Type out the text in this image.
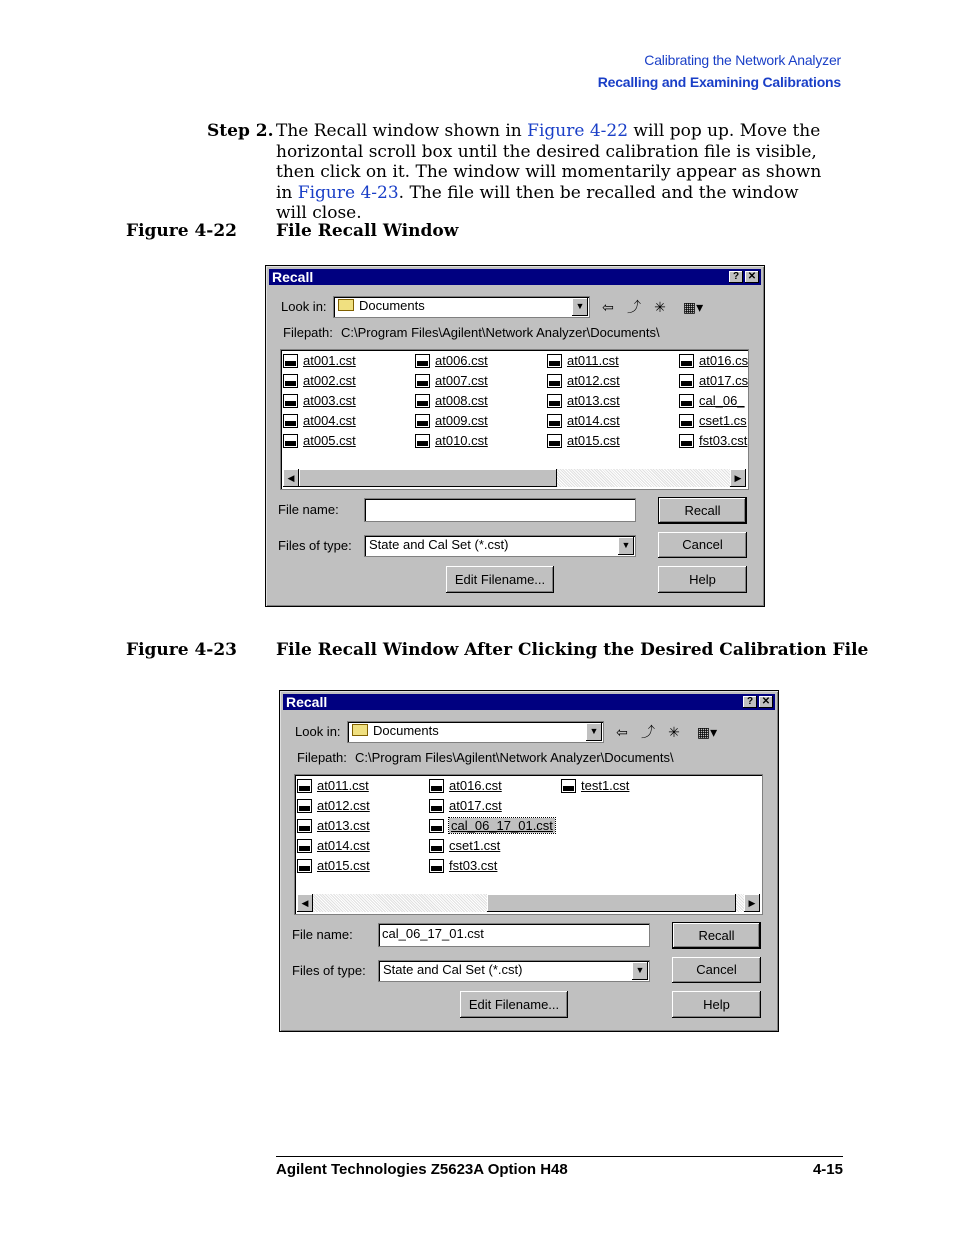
Calibrating the Network Analyzer
Recalling and Examining Calibrations
Step 2. The Recall window shown in Figure 4-22 will pop up. Move the horizontal scroll box until the desired calibration file is visible, then click on it. The window will momentarily appear as shown in Figure 4-23. The file will then be recalled and the window will close.
Figure 4-22 File Recall Window
Recall	? ✕
Look in:	Documents	▼ ⇦ ⤴ ✳	▦▾
Filepath: C:\Program Files\Agilent\Network Analyzer\Documents\
at001.cst
at002.cst
at003.cst
at004.cst
at005.cst
at006.cst
at007.cst
at008.cst
at009.cst
at010.cst
at011.cst
at012.cst
at013.cst
at014.cst
at015.cst
at016.cs
at017.cs
cal_06_
cset1.cs
fst03.cst
◀	▶
File name:
Files of type:	State and Cal Set (*.cst)	▼
Recall
Cancel
Edit Filename...	Help
Figure 4-23 File Recall Window After Clicking the Desired Calibration File
Recall	? ✕
Look in:	Documents	▼ ⇦ ⤴ ✳	▦▾
Filepath: C:\Program Files\Agilent\Network Analyzer\Documents\
at011.cst
at012.cst
at013.cst
at014.cst
at015.cst
at016.cst
at017.cst
cal_06_17_01.cst
cset1.cst
fst03.cst
test1.cst
◀	▶
File name:	cal_06_17_01.cst
Files of type:	State and Cal Set (*.cst)	▼
Recall
Cancel
Edit Filename...	Help
Agilent Technologies Z5623A Option H48	4-15
